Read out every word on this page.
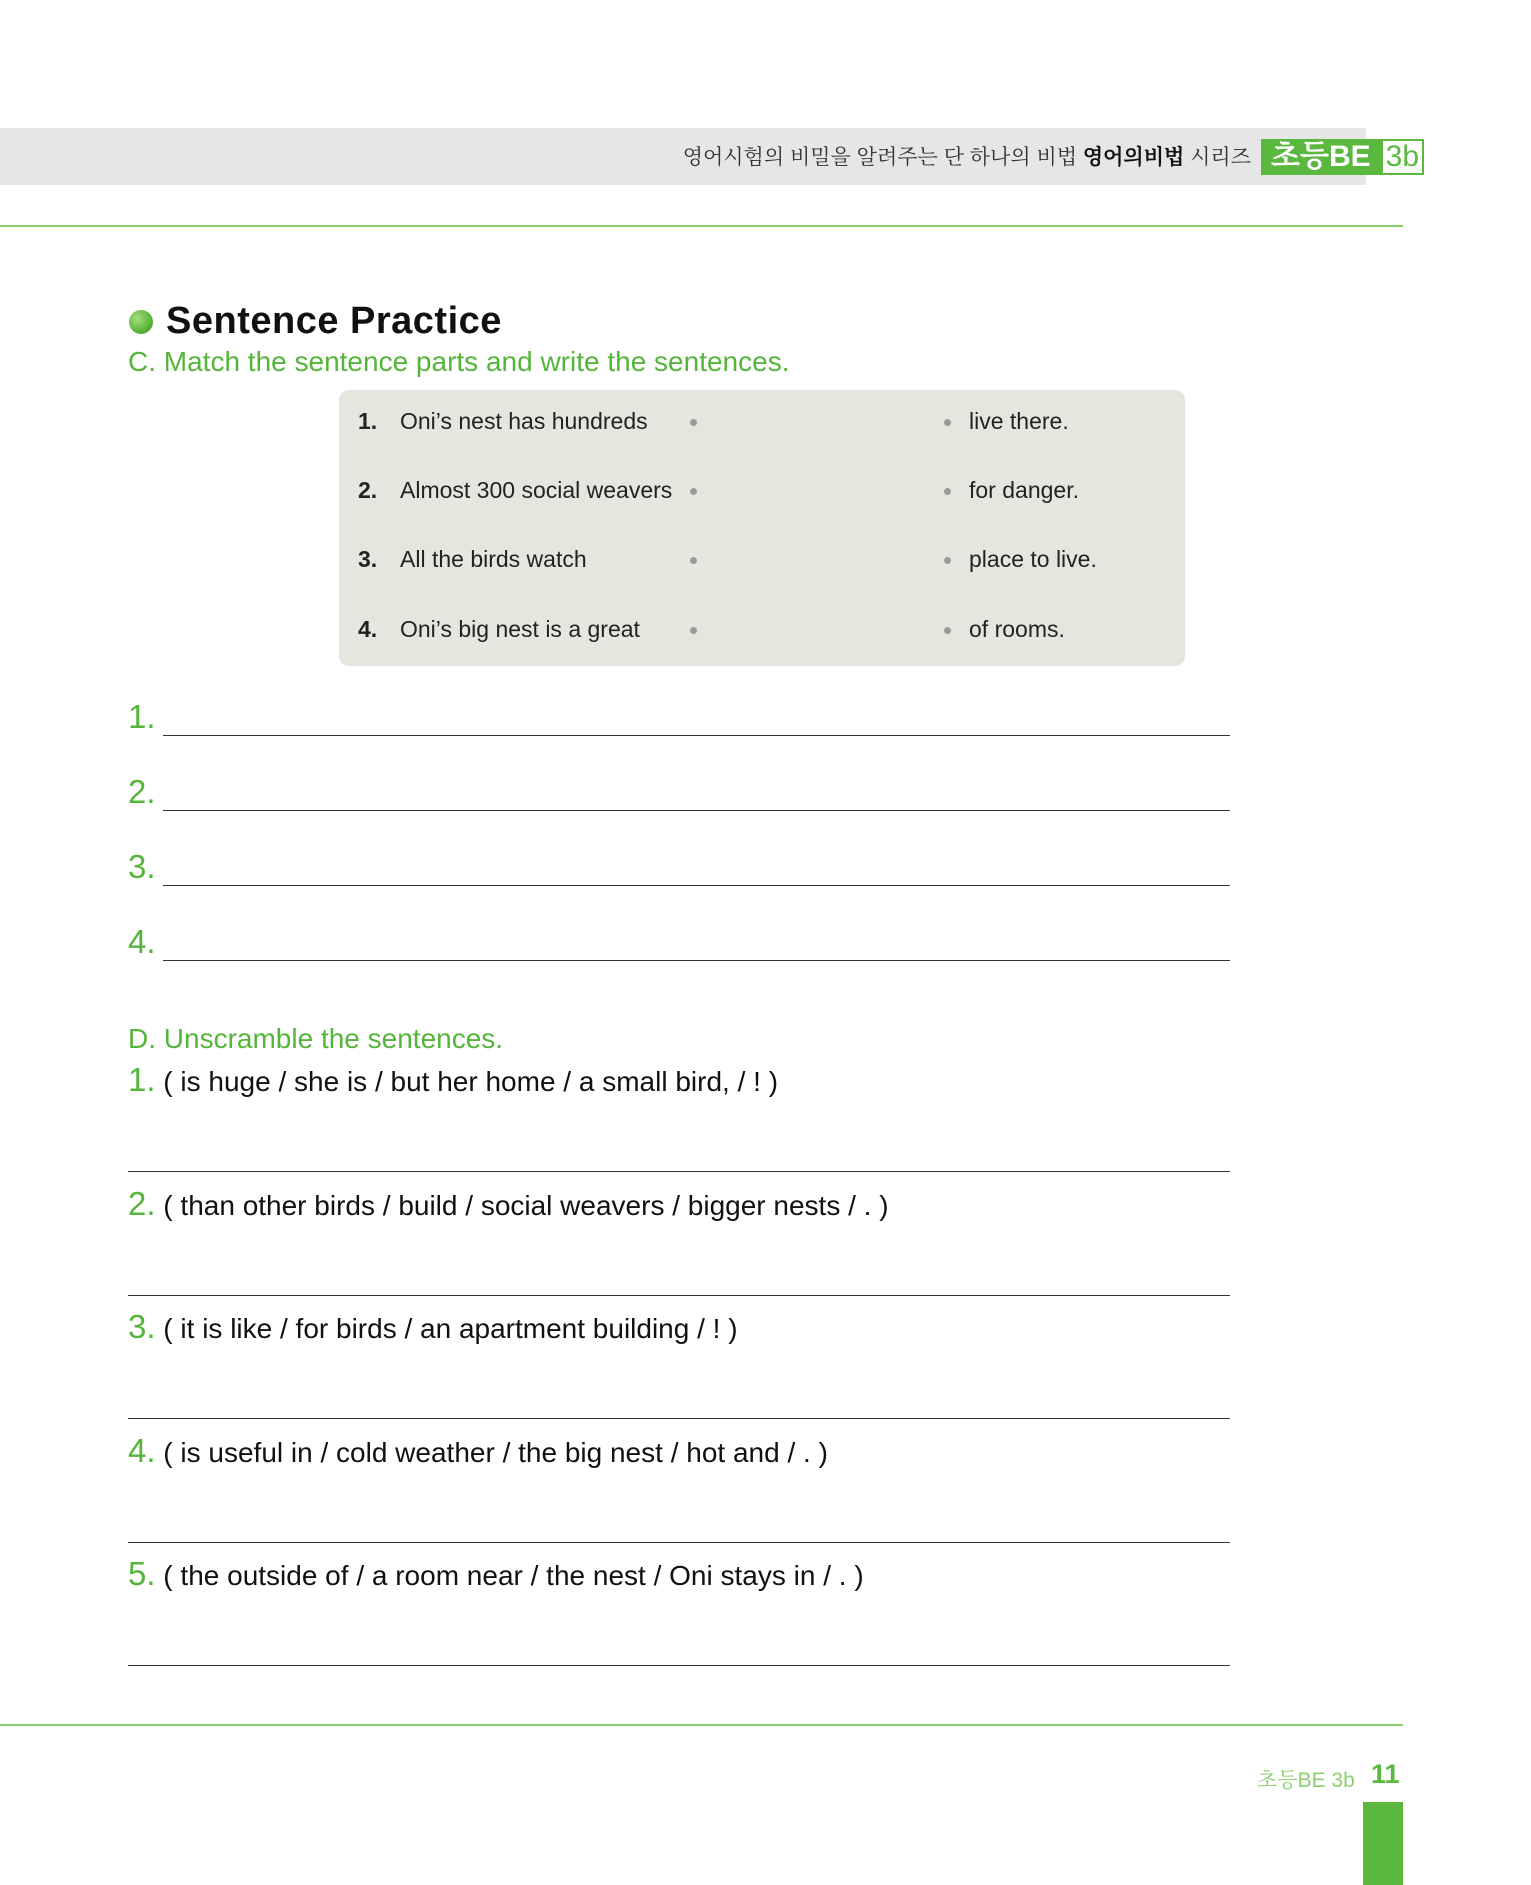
영어시험의 비밀을 알려주는 단 하나의 비법 영어의비법 시리즈 초등BE 3b
Sentence Practice
C. Match the sentence parts and write the sentences.
1. Oni’s nest has hundreds	live there.
2. Almost 300 social weavers	for danger.
3. All the birds watch	place to live.
4. Oni’s big nest is a great	of rooms.
1.
2.
3.
4.
D. Unscramble the sentences.
1. ( is huge / she is / but her home / a small bird, / ! )
2. ( than other birds / build / social weavers / bigger nests / . )
3. ( it is like / for birds / an apartment building / ! )
4. ( is useful in / cold weather / the big nest / hot and / . )
5. ( the outside of / a room near / the nest / Oni stays in / . )
초등BE 3b 11
